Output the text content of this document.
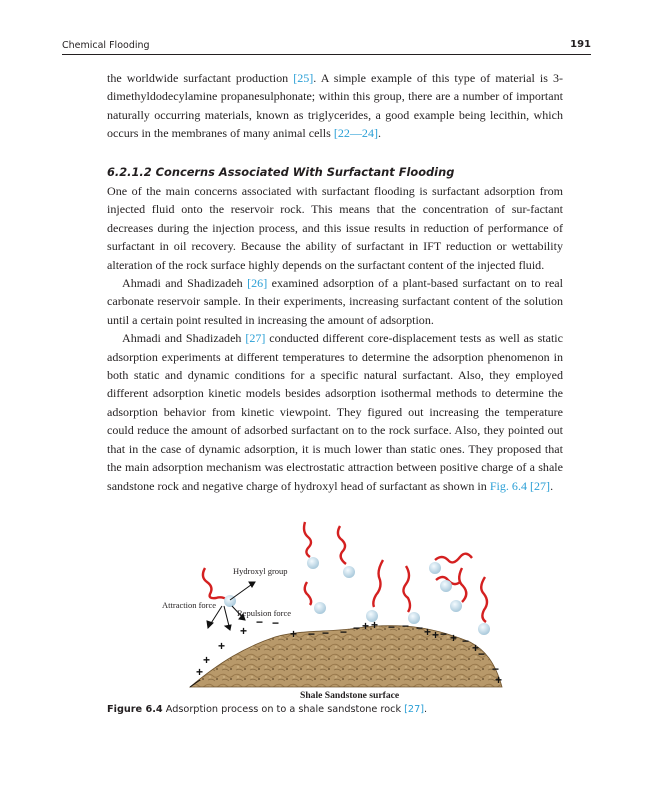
Chemical Flooding	191

the worldwide surfactant production [25]. A simple example of this type of material is 3-dimethyldodecylamine propanesulphonate; within this group, there are a number of important naturally occurring materials, known as triglycerides, a good example being lecithin, which occurs in the membranes of many animal cells [22—24].

6.2.1.2 Concerns Associated With Surfactant Flooding

One of the main concerns associated with surfactant flooding is surfactant adsorption from injected fluid onto the reservoir rock. This means that the concentration of sur-factant decreases during the injection process, and this issue results in reduction of performance of surfactant in oil recovery. Because the ability of surfactant in IFT reduction or wettability alteration of the rock surface highly depends on the surfactant content of the injected fluid.

Ahmadi and Shadizadeh [26] examined adsorption of a plant-based surfactant on to real carbonate reservoir sample. In their experiments, increasing surfactant content of the solution until a certain point resulted in increasing the amount of adsorption.

Ahmadi and Shadizadeh [27] conducted different core-displacement tests as well as static adsorption experiments at different temperatures to determine the adsorption phenomenon in both static and dynamic conditions for a specific natural surfactant. Also, they employed different adsorption kinetic models besides adsorption isothermal methods to determine the adsorption behavior from kinetic viewpoint. They figured out increasing the temperature could reduce the amount of adsorbed surfactant on to the rock surface. Also, they pointed out that in the case of dynamic adsorption, it is much lower than static ones. They proposed that the main adsorption mechanism was electrostatic attraction between positive charge of a shale sandstone rock and negative charge of hydroxyl head of surfactant as shown in Fig. 6.4 [27].

Hydroxyl group
Attraction force
Repulsion force
Shale Sandstone surface
+
+
+
+
− −
+ − − − − + + − − − + + − + − +
−
−
+
Figure 6.4 Adsorption process on to a shale sandstone rock [27].
